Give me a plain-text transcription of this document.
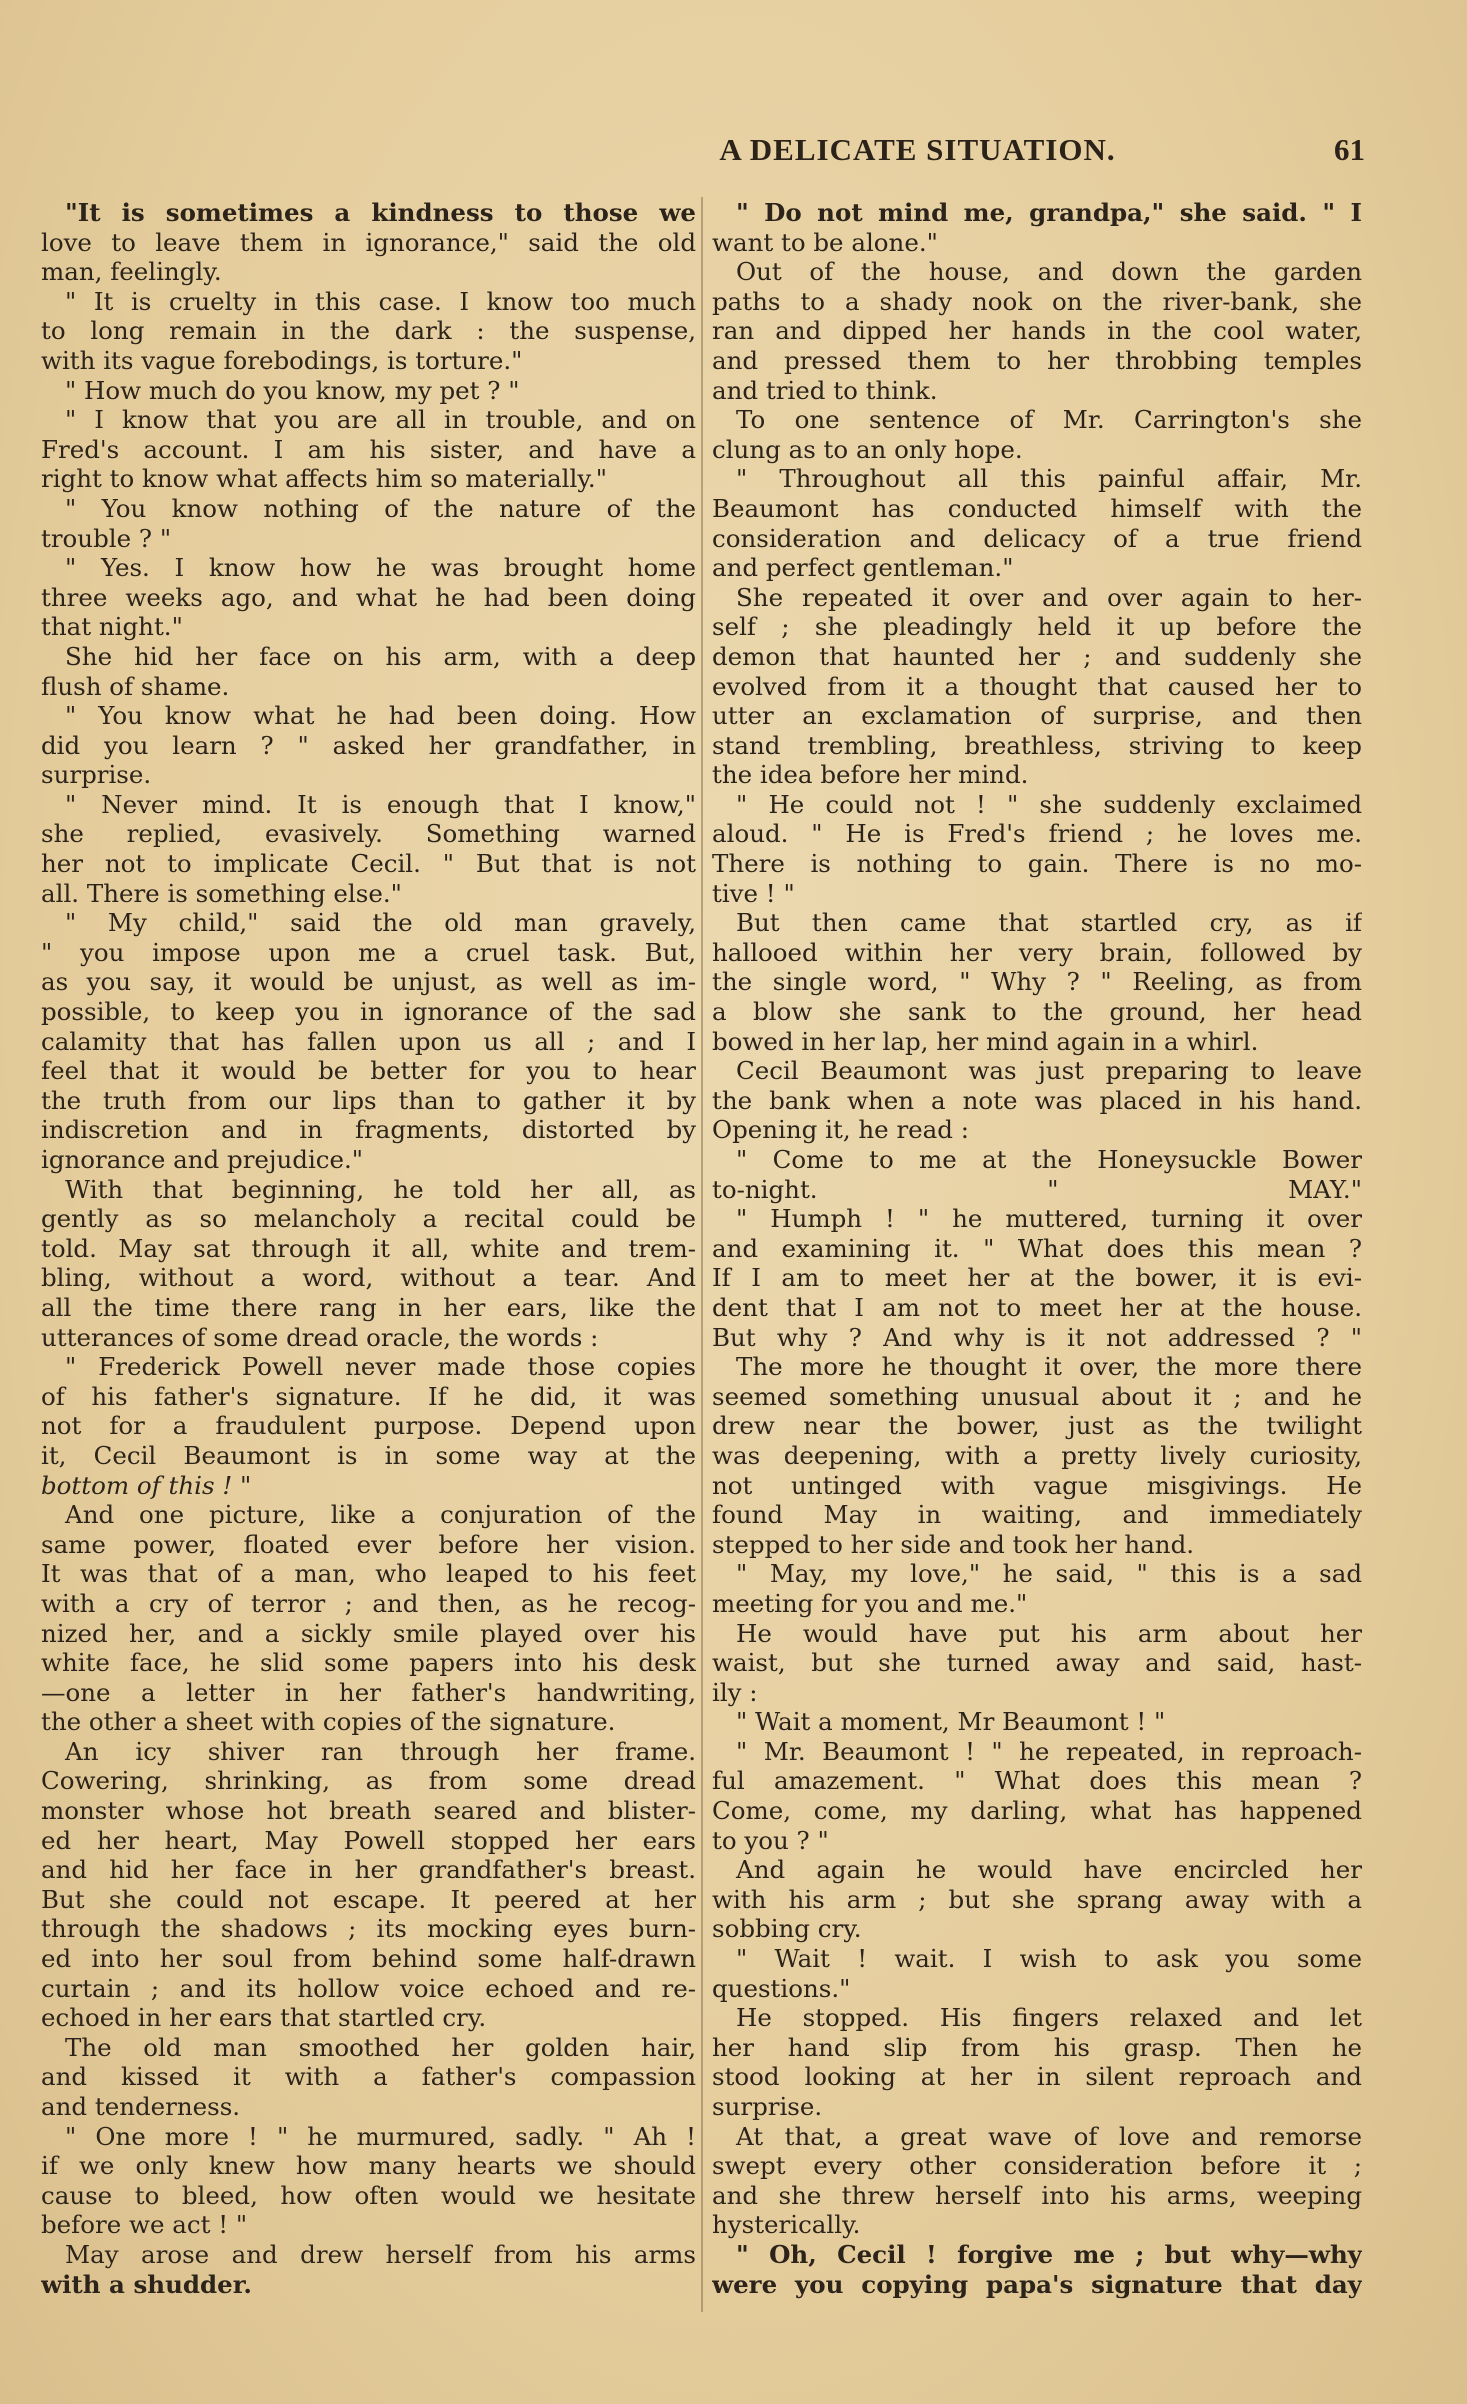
A DELICATE SITUATION.	61
"It is sometimes a kindness to those we
love to leave them in ignorance," said the old
man, feelingly.
" It is cruelty in this case. I know too much
to long remain in the dark : the suspense,
with its vague forebodings, is torture."
" How much do you know, my pet ? "
" I know that you are all in trouble, and on
Fred's account. I am his sister, and have a
right to know what affects him so materially."
" You know nothing of the nature of the
trouble ? "
" Yes. I know how he was brought home
three weeks ago, and what he had been doing
that night."
She hid her face on his arm, with a deep
flush of shame.
" You know what he had been doing. How
did you learn ? " asked her grandfather, in
surprise.
" Never mind. It is enough that I know,"
she replied, evasively. Something warned
her not to implicate Cecil. " But that is not
all. There is something else."
" My child," said the old man gravely,
" you impose upon me a cruel task. But,
as you say, it would be unjust, as well as im-
possible, to keep you in ignorance of the sad
calamity that has fallen upon us all ; and I
feel that it would be better for you to hear
the truth from our lips than to gather it by
indiscretion and in fragments, distorted by
ignorance and prejudice."
With that beginning, he told her all, as
gently as so melancholy a recital could be
told. May sat through it all, white and trem-
bling, without a word, without a tear. And
all the time there rang in her ears, like the
utterances of some dread oracle, the words :
" Frederick Powell never made those copies
of his father's signature. If he did, it was
not for a fraudulent purpose. Depend upon
it, Cecil Beaumont is in some way at the
bottom of this ! "
And one picture, like a conjuration of the
same power, floated ever before her vision.
It was that of a man, who leaped to his feet
with a cry of terror ; and then, as he recog-
nized her, and a sickly smile played over his
white face, he slid some papers into his desk
—one a letter in her father's handwriting,
the other a sheet with copies of the signature.
An icy shiver ran through her frame.
Cowering, shrinking, as from some dread
monster whose hot breath seared and blister-
ed her heart, May Powell stopped her ears
and hid her face in her grandfather's breast.
But she could not escape. It peered at her
through the shadows ; its mocking eyes burn-
ed into her soul from behind some half-drawn
curtain ; and its hollow voice echoed and re-
echoed in her ears that startled cry.
The old man smoothed her golden hair,
and kissed it with a father's compassion
and tenderness.
" One more ! " he murmured, sadly. " Ah !
if we only knew how many hearts we should
cause to bleed, how often would we hesitate
before we act ! "
May arose and drew herself from his arms
with a shudder.
" Do not mind me, grandpa," she said. " I
want to be alone."
Out of the house, and down the garden
paths to a shady nook on the river-bank, she
ran and dipped her hands in the cool water,
and pressed them to her throbbing temples
and tried to think.
To one sentence of Mr. Carrington's she
clung as to an only hope.
" Throughout all this painful affair, Mr.
Beaumont has conducted himself with the
consideration and delicacy of a true friend
and perfect gentleman."
She repeated it over and over again to her-
self ; she pleadingly held it up before the
demon that haunted her ; and suddenly she
evolved from it a thought that caused her to
utter an exclamation of surprise, and then
stand trembling, breathless, striving to keep
the idea before her mind.
" He could not ! " she suddenly exclaimed
aloud. " He is Fred's friend ; he loves me.
There is nothing to gain. There is no mo-
tive ! "
But then came that startled cry, as if
hallooed within her very brain, followed by
the single word, " Why ? " Reeling, as from
a blow she sank to the ground, her head
bowed in her lap, her mind again in a whirl.
Cecil Beaumont was just preparing to leave
the bank when a note was placed in his hand.
Opening it, he read :
" Come to me at the Honeysuckle Bower
to-night. " MAY."
" Humph ! " he muttered, turning it over
and examining it. " What does this mean ?
If I am to meet her at the bower, it is evi-
dent that I am not to meet her at the house.
But why ? And why is it not addressed ? "
The more he thought it over, the more there
seemed something unusual about it ; and he
drew near the bower, just as the twilight
was deepening, with a pretty lively curiosity,
not untinged with vague misgivings. He
found May in waiting, and immediately
stepped to her side and took her hand.
" May, my love," he said, " this is a sad
meeting for you and me."
He would have put his arm about her
waist, but she turned away and said, hast-
ily :
" Wait a moment, Mr Beaumont ! "
" Mr. Beaumont ! " he repeated, in reproach-
ful amazement. " What does this mean ?
Come, come, my darling, what has happened
to you ? "
And again he would have encircled her
with his arm ; but she sprang away with a
sobbing cry.
" Wait ! wait. I wish to ask you some
questions."
He stopped. His fingers relaxed and let
her hand slip from his grasp. Then he
stood looking at her in silent reproach and
surprise.
At that, a great wave of love and remorse
swept every other consideration before it ;
and she threw herself into his arms, weeping
hysterically.
" Oh, Cecil ! forgive me ; but why—why
were you copying papa's signature that day
